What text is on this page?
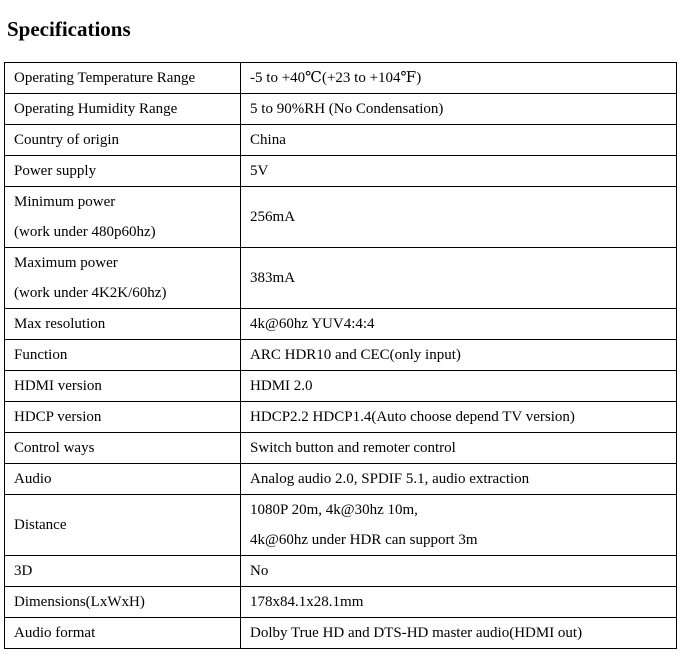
Specifications
Operating Temperature Range	-5 to +40℃(+23 to +104℉)

Operating Humidity Range	5 to 90%RH (No Condensation)

Country of origin	China

Power supply	5V

Minimum power
(work under 480p60hz)	256mA

Maximum power
(work under 4K2K/60hz)	383mA

Max resolution	4k@60hz YUV4:4:4

Function	ARC HDR10 and CEC(only input)

HDMI version	HDMI 2.0

HDCP version	HDCP2.2 HDCP1.4(Auto choose depend TV version)

Control ways	Switch button and remoter control

Audio	Analog audio 2.0, SPDIF 5.1, audio extraction

Distance	1080P 20m, 4k@30hz 10m,
4k@60hz under HDR can support 3m

3D	No

Dimensions(LxWxH)	178x84.1x28.1mm

Audio format	Dolby True HD and DTS-HD master audio(HDMI out)
